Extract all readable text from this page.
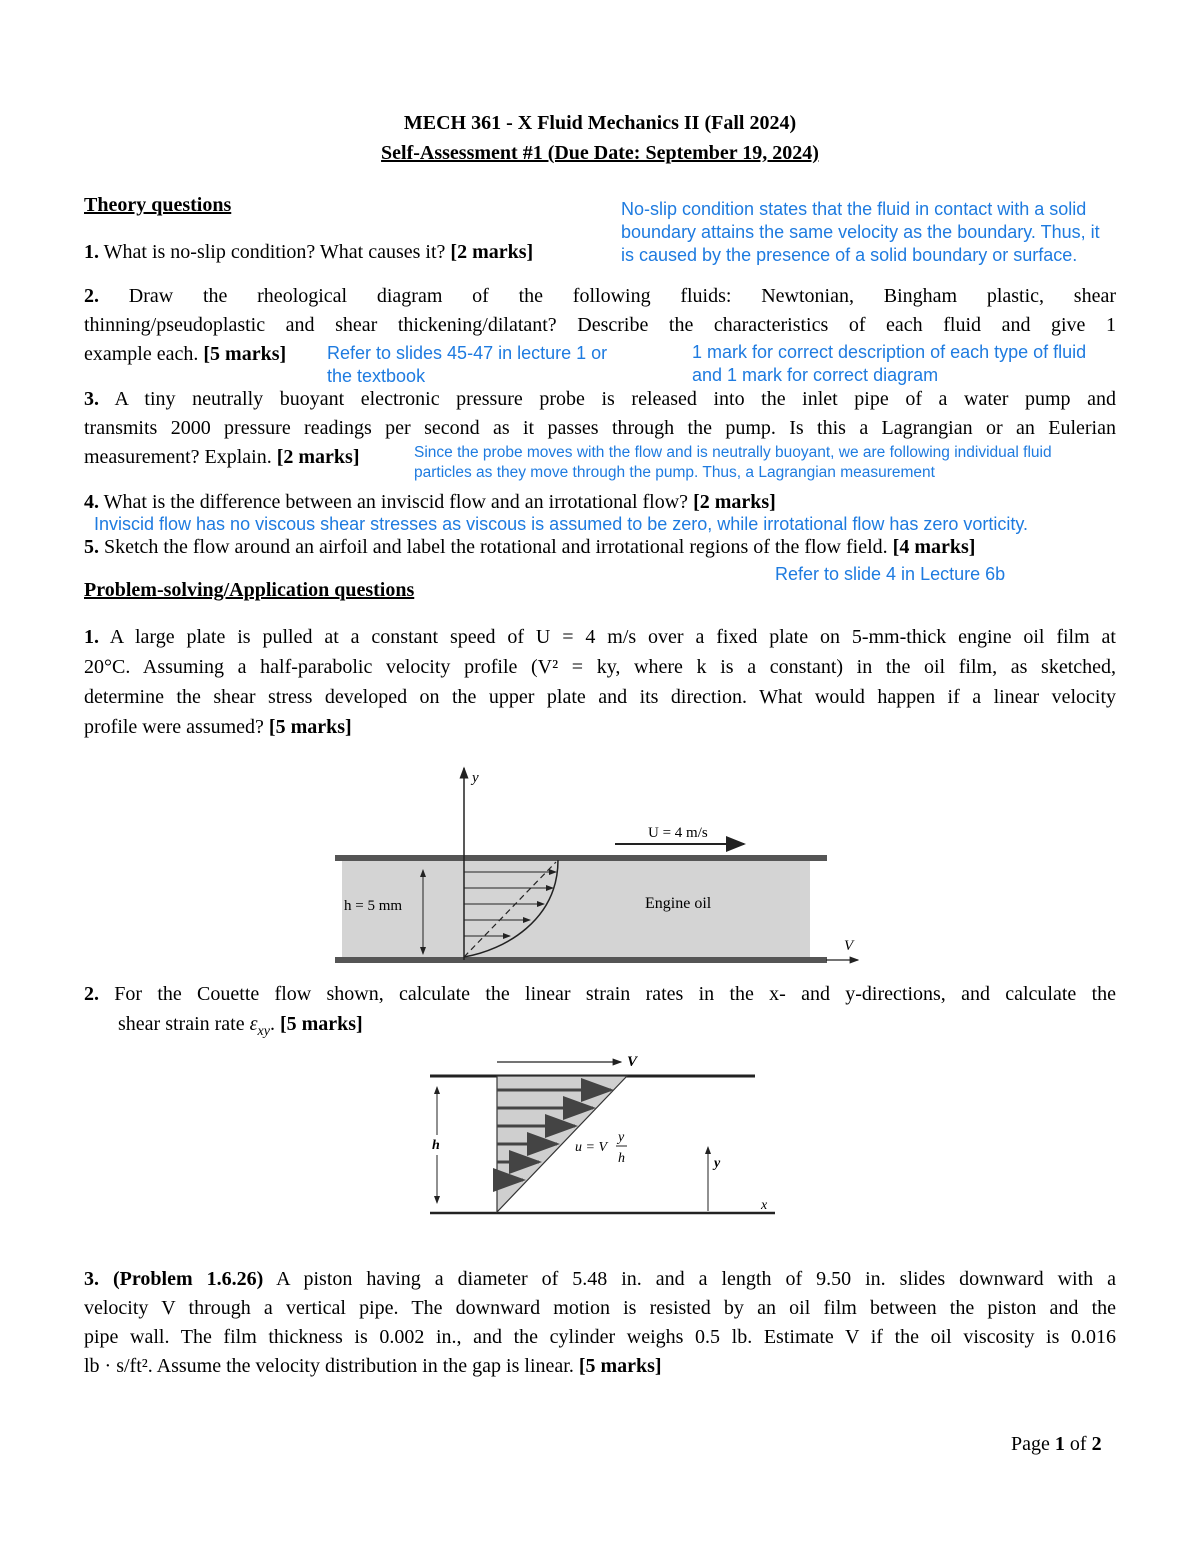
MECH 361 - X Fluid Mechanics II (Fall 2024)
Self-Assessment #1 (Due Date: September 19, 2024)
Theory questions
1. What is no-slip condition? What causes it? [2 marks]
No-slip condition states that the fluid in contact with a solid
boundary attains the same velocity as the boundary. Thus, it
is caused by the presence of a solid boundary or surface.
2. Draw the rheological diagram of the following fluids: Newtonian, Bingham plastic, shear
thinning/pseudoplastic and shear thickening/dilatant? Describe the characteristics of each fluid and give 1
example each. [5 marks] Refer to slides 45-47 in lecture 1 or
the textbook
1 mark for correct description of each type of fluid
and 1 mark for correct diagram
3. A tiny neutrally buoyant electronic pressure probe is released into the inlet pipe of a water pump and
transmits 2000 pressure readings per second as it passes through the pump. Is this a Lagrangian or an Eulerian
measurement? Explain. [2 marks]	Since the probe moves with the flow and is neutrally buoyant, we are following individual fluid
particles as they move through the pump. Thus, a Lagrangian measurement
4. What is the difference between an inviscid flow and an irrotational flow? [2 marks]
Inviscid flow has no viscous shear stresses as viscous is assumed to be zero, while irrotational flow has zero vorticity.
5. Sketch the flow around an airfoil and label the rotational and irrotational regions of the flow field. [4 marks]
Refer to slide 4 in Lecture 6b
Problem-solving/Application questions
1. A large plate is pulled at a constant speed of U = 4 m/s over a fixed plate on 5-mm-thick engine oil film at
20°C. Assuming a half-parabolic velocity profile (V² = ky, where k is a constant) in the oil film, as sketched,
determine the shear stress developed on the upper plate and its direction. What would happen if a linear velocity
profile were assumed? [5 marks]
y
h = 5 mm	Engine oil
U = 4 m/s
V
2. For the Couette flow shown, calculate the linear strain rates in the x- and y-directions, and calculate the
shear strain rate $\varepsilon_{xy}$. [5 marks]
V
h	u = V
y
h	y
x
3. (Problem 1.6.26) A piston having a diameter of 5.48 in. and a length of 9.50 in. slides downward with a
velocity V through a vertical pipe. The downward motion is resisted by an oil film between the piston and the
pipe wall. The film thickness is 0.002 in., and the cylinder weighs 0.5 lb. Estimate V if the oil viscosity is 0.016
lb · s/ft². Assume the velocity distribution in the gap is linear. [5 marks]
Page 1 of 2
